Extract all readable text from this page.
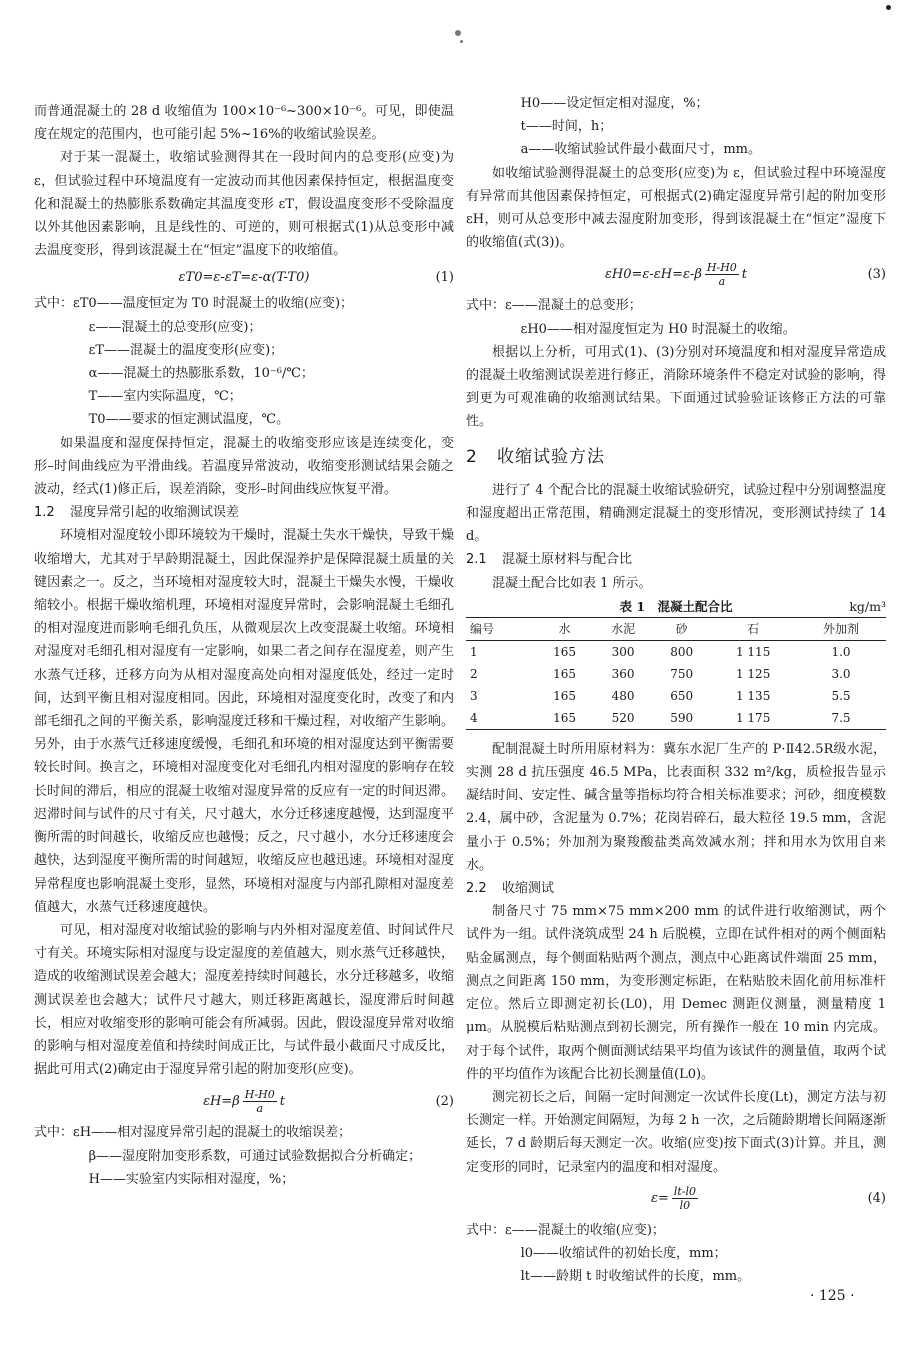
而普通混凝土的 28 d 收缩值为 100×10⁻⁶~300×10⁻⁶。可见，即使温度在规定的范围内，也可能引起 5%~16%的收缩试验误差。

对于某一混凝土，收缩试验测得其在一段时间内的总变形(应变)为 ε，但试验过程中环境温度有一定波动而其他因素保持恒定，根据温度变化和混凝土的热膨胀系数确定其温度变形 εT，假设温度变形不受除温度以外其他因素影响，且是线性的、可逆的，则可根据式(1)从总变形中减去温度变形，得到该混凝土在“恒定”温度下的收缩值。

εT0=ε-εT=ε-α(T-T0)	(1)
式中： εT0——温度恒定为 T0 时混凝土的收缩(应变)；
ε——混凝土的总变形(应变)；
εT——混凝土的温度变形(应变)；
α——混凝土的热膨胀系数，10⁻⁶/℃；
T——室内实际温度，℃；
T0——要求的恒定测试温度，℃。

如果温度和湿度保持恒定，混凝土的收缩变形应该是连续变化，变形–时间曲线应为平滑曲线。若温度异常波动，收缩变形测试结果会随之波动，经式(1)修正后，误差消除，变形–时间曲线应恢复平滑。

1.2 湿度异常引起的收缩测试误差

环境相对湿度较小即环境较为干燥时，混凝土失水干燥快，导致干燥收缩增大，尤其对于早龄期混凝土，因此保湿养护是保障混凝土质量的关键因素之一。反之，当环境相对湿度较大时，混凝土干燥失水慢，干燥收缩较小。根据干燥收缩机理，环境相对湿度异常时，会影响混凝土毛细孔的相对湿度进而影响毛细孔负压，从微观层次上改变混凝土收缩。环境相对湿度对毛细孔相对湿度有一定影响，如果二者之间存在湿度差，则产生水蒸气迁移，迁移方向为从相对湿度高处向相对湿度低处，经过一定时间，达到平衡且相对湿度相同。因此，环境相对湿度变化时，改变了和内部毛细孔之间的平衡关系，影响湿度迁移和干燥过程，对收缩产生影响。另外，由于水蒸气迁移速度缓慢，毛细孔和环境的相对湿度达到平衡需要较长时间。换言之，环境相对湿度变化对毛细孔内相对湿度的影响存在较长时间的滞后，相应的混凝土收缩对湿度异常的反应有一定的时间迟滞。迟滞时间与试件的尺寸有关，尺寸越大，水分迁移速度越慢，达到湿度平衡所需的时间越长，收缩反应也越慢；反之，尺寸越小，水分迁移速度会越快，达到湿度平衡所需的时间越短，收缩反应也越迅速。环境相对湿度异常程度也影响混凝土变形，显然，环境相对湿度与内部孔隙相对湿度差值越大，水蒸气迁移速度越快。

可见，相对湿度对收缩试验的影响与内外相对湿度差值、时间试件尺寸有关。环境实际相对湿度与设定湿度的差值越大，则水蒸气迁移越快，造成的收缩测试误差会越大；湿度差持续时间越长，水分迁移越多，收缩测试误差也会越大；试件尺寸越大，则迁移距离越长，湿度滞后时间越长，相应对收缩变形的影响可能会有所减弱。因此，假设湿度异常对收缩的影响与相对湿度差值和持续时间成正比，与试件最小截面尺寸成反比，据此可用式(2)确定由于湿度异常引起的附加变形(应变)。

$\varepsilon H=\beta \frac{H-H0}{a}$ t	(2)
式中： εH——相对湿度异常引起的混凝土的收缩误差；
β——湿度附加变形系数，可通过试验数据拟合分析确定；
H——实验室内实际相对湿度，%；
H0——设定恒定相对湿度，%；
t——时间，h；
a——收缩试验试件最小截面尺寸，mm。

如收缩试验测得混凝土的总变形(应变)为 ε，但试验过程中环境湿度有异常而其他因素保持恒定，可根据式(2)确定湿度异常引起的附加变形 εH，则可从总变形中减去湿度附加变形，得到该混凝土在“恒定”湿度下的收缩值(式(3))。

$\varepsilon H0=\varepsilon-\varepsilon H=\varepsilon-\beta \frac{H-H0}{a}$ t	(3)
式中： ε——混凝土的总变形；
εH0——相对湿度恒定为 H0 时混凝土的收缩。

根据以上分析，可用式(1)、(3)分别对环境温度和相对湿度异常造成的混凝土收缩测试误差进行修正，消除环境条件不稳定对试验的影响，得到更为可观准确的收缩测试结果。下面通过试验验证该修正方法的可靠性。

2 收缩试验方法

进行了 4 个配合比的混凝土收缩试验研究，试验过程中分别调整温度和湿度超出正常范围，精确测定混凝土的变形情况，变形测试持续了 14 d。

2.1 混凝土原材料与配合比

混凝土配合比如表 1 所示。

表 1　混凝土配合比	kg/m³
编号	水	水泥	砂	石	外加剂
1	165	300	800	1 115	1.0
2	165	360	750	1 125	3.0
3	165	480	650	1 135	5.5
4	165	520	590	1 175	7.5

配制混凝土时所用原材料为：冀东水泥厂生产的 P·Ⅱ42.5R级水泥，实测 28 d 抗压强度 46.5 MPa，比表面积 332 m²/kg，质检报告显示凝结时间、安定性、碱含量等指标均符合相关标准要求；河砂，细度模数 2.4，属中砂，含泥量为 0.7%；花岗岩碎石，最大粒径 19.5 mm，含泥量小于 0.5%；外加剂为聚羧酸盐类高效减水剂；拌和用水为饮用自来水。

2.2 收缩测试

制备尺寸 75 mm×75 mm×200 mm 的试件进行收缩测试，两个试件为一组。试件浇筑成型 24 h 后脱模，立即在试件相对的两个侧面粘贴金属测点，每个侧面粘贴两个测点，测点中心距离试件端面 25 mm，测点之间距离 150 mm，为变形测定标距，在粘贴胶未固化前用标准杆定位。然后立即测定初长(L0)，用 Demec 测距仪测量，测量精度 1 μm。从脱模后粘贴测点到初长测完，所有操作一般在 10 min 内完成。对于每个试件，取两个侧面测试结果平均值为该试件的测量值，取两个试件的平均值作为该配合比初长测量值(L0)。

测完初长之后，间隔一定时间测定一次试件长度(Lt)，测定方法与初长测定一样。开始测定间隔短，为每 2 h 一次，之后随龄期增长间隔逐渐延长，7 d 龄期后每天测定一次。收缩(应变)按下面式(3)计算。并且，测定变形的同时，记录室内的温度和相对湿度。

$\varepsilon= \frac{lt-l0}{l0}$	(4)
式中： ε——混凝土的收缩(应变)；
l0——收缩试件的初始长度，mm；
lt——龄期 t 时收缩试件的长度，mm。
· 125 ·
